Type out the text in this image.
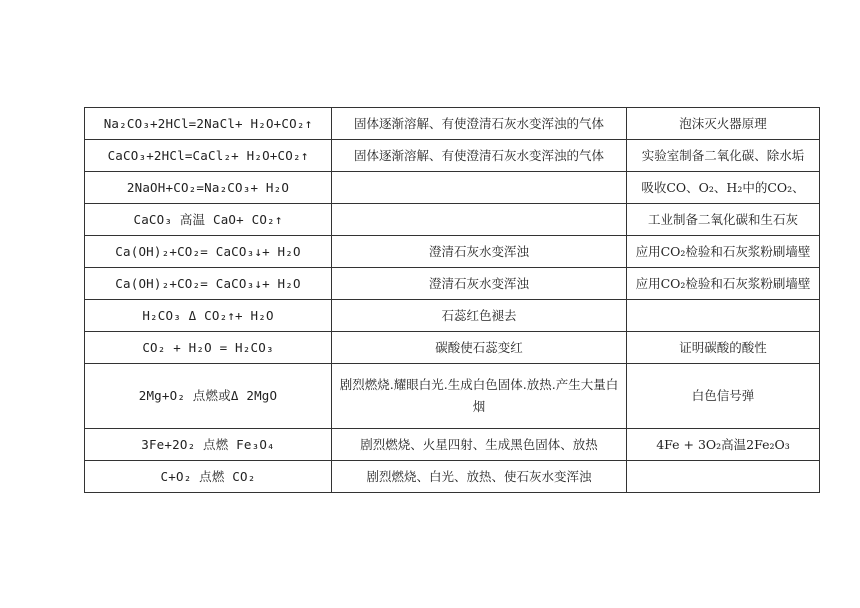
Na₂CO₃+2HCl=2NaCl+ H₂O+CO₂↑	固体逐渐溶解、有使澄清石灰水变浑浊的气体	泡沫灭火器原理
CaCO₃+2HCl=CaCl₂+ H₂O+CO₂↑	固体逐渐溶解、有使澄清石灰水变浑浊的气体	实验室制备二氧化碳、除水垢
2NaOH+CO₂=Na₂CO₃+ H₂O		吸收CO、O₂、H₂中的CO₂、
CaCO₃ 高温 CaO+ CO₂↑		工业制备二氧化碳和生石灰
Ca(OH)₂+CO₂= CaCO₃↓+ H₂O	澄清石灰水变浑浊	应用CO₂检验和石灰浆粉刷墙壁
Ca(OH)₂+CO₂= CaCO₃↓+ H₂O	澄清石灰水变浑浊	应用CO₂检验和石灰浆粉刷墙壁
H₂CO₃ Δ CO₂↑+ H₂O	石蕊红色褪去	
CO₂ + H₂O = H₂CO₃	碳酸使石蕊变红	证明碳酸的酸性
2Mg+O₂ 点燃或Δ 2MgO	剧烈燃烧.耀眼白光.生成白色固体.放热.产生大量白烟	白色信号弹
3Fe+2O₂ 点燃 Fe₃O₄	剧烈燃烧、火星四射、生成黑色固体、放热	4Fe + 3O₂高温2Fe₂O₃
C+O₂ 点燃 CO₂	剧烈燃烧、白光、放热、使石灰水变浑浊	
